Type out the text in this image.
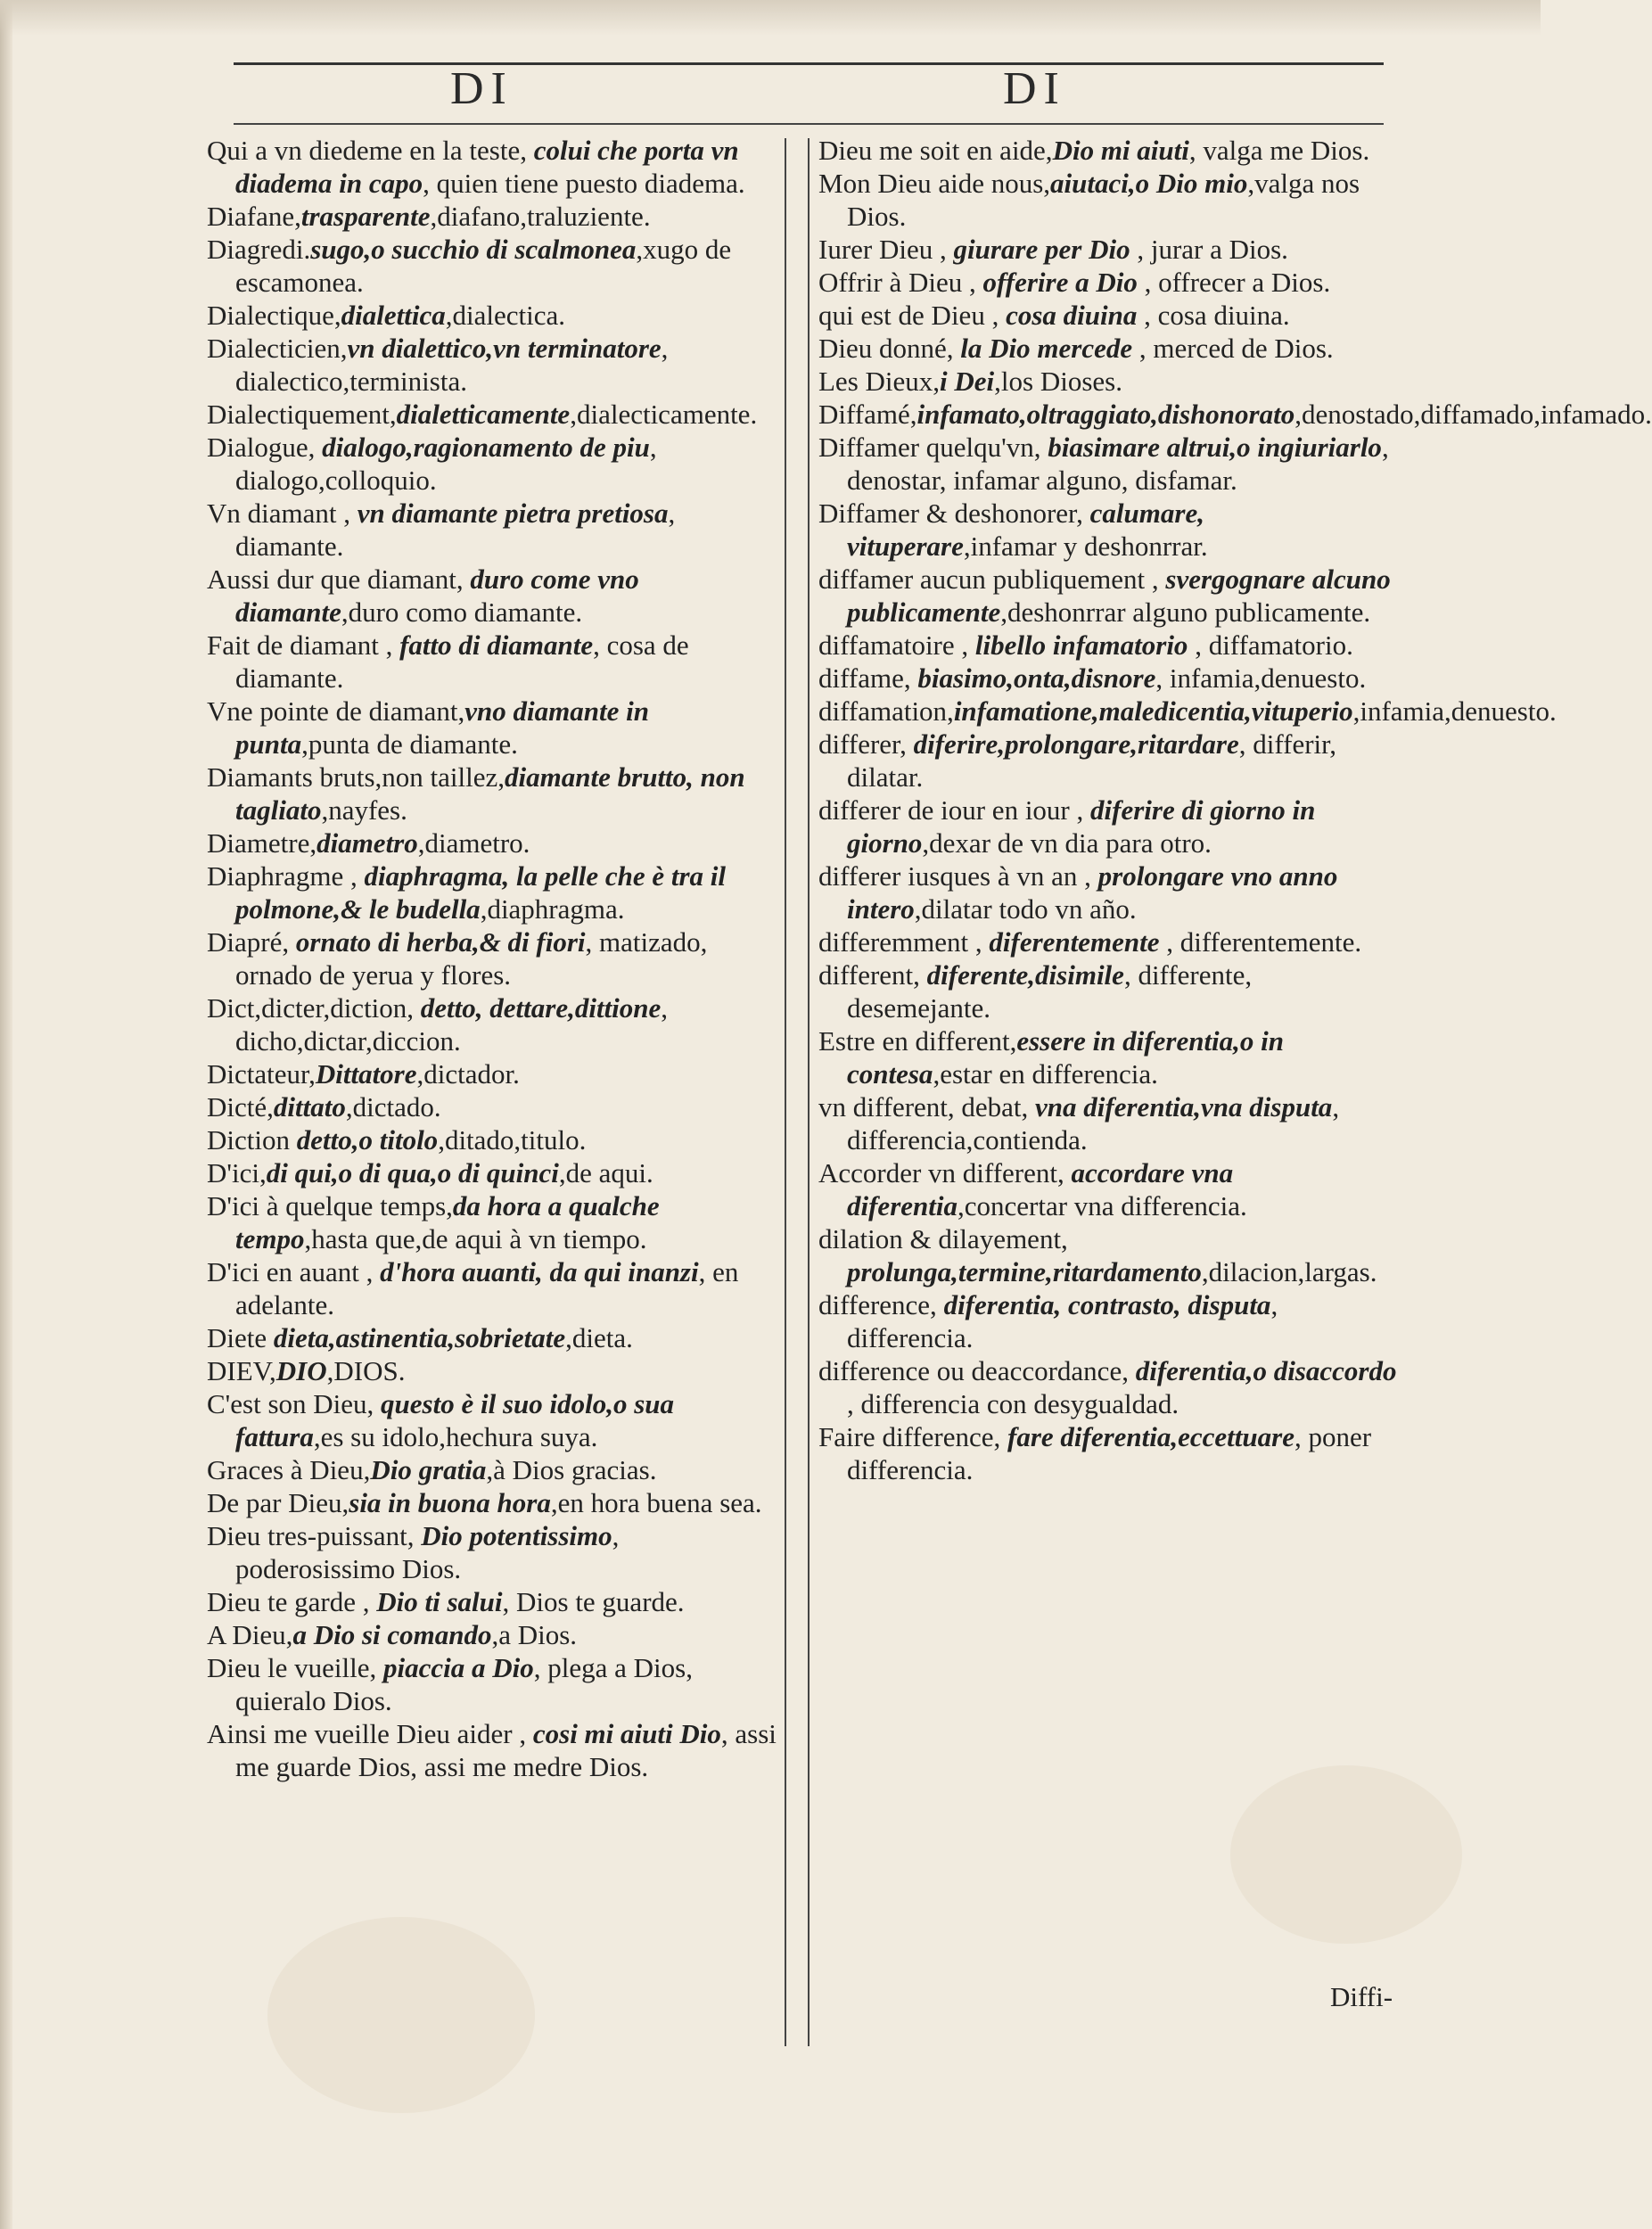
DI	DI

Qui a vn diedeme en la teste, colui che porta vn diadema in capo, quien tiene puesto diadema.

Diafane,trasparente,diafano,traluziente.

Diagredi.sugo,o succhio di scalmonea,xugo de escamonea.

Dialectique,dialettica,dialectica.

Dialecticien,vn dialettico,vn terminatore, dialectico,terminista.

Dialectiquement,dialetticamente,dialecticamente.

Dialogue, dialogo,ragionamento de piu, dialogo,colloquio.

Vn diamant , vn diamante pietra pretiosa, diamante.

Aussi dur que diamant, duro come vno diamante,duro como diamante.

Fait de diamant , fatto di diamante, cosa de diamante.

Vne pointe de diamant,vno diamante in punta,punta de diamante.

Diamants bruts,non taillez,diamante brutto, non tagliato,nayfes.

Diametre,diametro,diametro.

Diaphragme , diaphragma, la pelle che è tra il polmone,& le budella,diaphragma.

Diapré, ornato di herba,& di fiori, matizado, ornado de yerua y flores.

Dict,dicter,diction, detto, dettare,dittione, dicho,dictar,diccion.

Dictateur,Dittatore,dictador.

Dicté,dittato,dictado.

Diction detto,o titolo,ditado,titulo.

D'ici,di qui,o di qua,o di quinci,de aqui.

D'ici à quelque temps,da hora a qualche tempo,hasta que,de aqui à vn tiempo.

D'ici en auant , d'hora auanti, da qui inanzi, en adelante.

Diete dieta,astinentia,sobrietate,dieta.

DIEV,DIO,DIOS.

C'est son Dieu, questo è il suo idolo,o sua fattura,es su idolo,hechura suya.

Graces à Dieu,Dio gratia,à Dios gracias.

De par Dieu,sia in buona hora,en hora buena sea.

Dieu tres-puissant, Dio potentissimo, poderosissimo Dios.

Dieu te garde , Dio ti salui, Dios te guarde.

A Dieu,a Dio si comando,a Dios.

Dieu le vueille, piaccia a Dio, plega a Dios, quieralo Dios.

Ainsi me vueille Dieu aider , cosi mi aiuti Dio, assi me guarde Dios, assi me medre Dios.

Dieu me soit en aide,Dio mi aiuti, valga me Dios.

Mon Dieu aide nous,aiutaci,o Dio mio,valga nos Dios.

Iurer Dieu , giurare per Dio , jurar a Dios.

Offrir à Dieu , offerire a Dio , offrecer a Dios.

qui est de Dieu , cosa diuina , cosa diuina.

Dieu donné, la Dio mercede , merced de Dios.

Les Dieux,i Dei,los Dioses.

Diffamé,infamato,oltraggiato,dishonorato,denostado,diffamado,infamado.

Diffamer quelqu'vn, biasimare altrui,o ingiuriarlo, denostar, infamar alguno, disfamar.

Diffamer & deshonorer, calumare, vituperare,infamar y deshonrrar.

diffamer aucun publiquement , svergognare alcuno publicamente,deshonrrar alguno publicamente.

diffamatoire , libello infamatorio , diffamatorio.

diffame, biasimo,onta,disnore, infamia,denuesto.

diffamation,infamatione,maledicentia,vituperio,infamia,denuesto.

differer, diferire,prolongare,ritardare, differir, dilatar.

differer de iour en iour , diferire di giorno in giorno,dexar de vn dia para otro.

differer iusques à vn an , prolongare vno anno intero,dilatar todo vn año.

differemment , diferentemente , differentemente.

different, diferente,disimile, differente, desemejante.

Estre en different,essere in diferentia,o in contesa,estar en differencia.

vn different, debat, vna diferentia,vna disputa, differencia,contienda.

Accorder vn different, accordare vna diferentia,concertar vna differencia.

dilation & dilayement, prolunga,termine,ritardamento,dilacion,largas.

difference, diferentia, contrasto, disputa, differencia.

difference ou deaccordance, diferentia,o disaccordo , differencia con desygualdad.

Faire difference, fare diferentia,eccettuare, poner differencia.

Diffi-
